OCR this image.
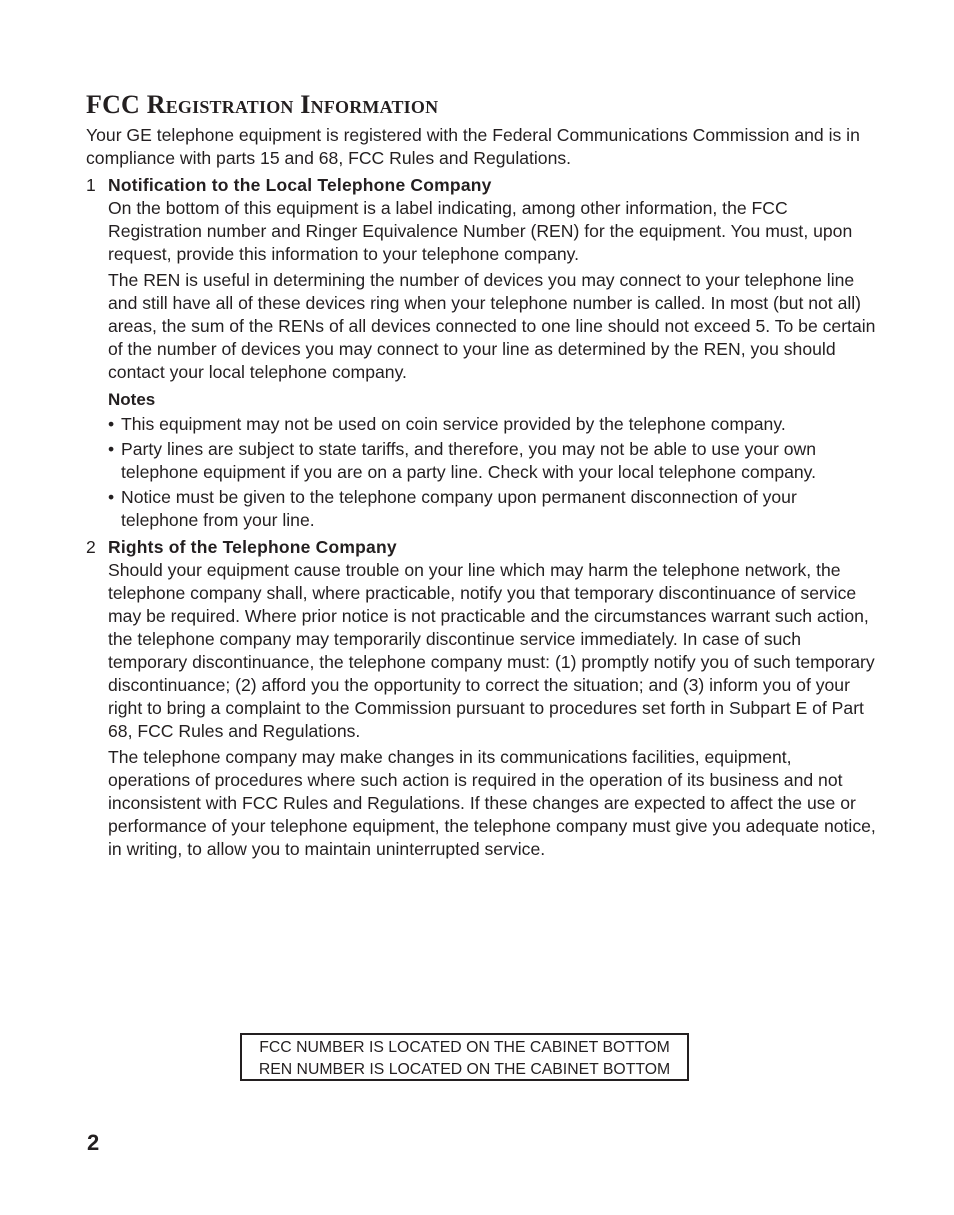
FCC Registration Information

Your GE telephone equipment is registered with the Federal Communications Commission and is in compliance with parts 15 and 68, FCC Rules and Regulations.

1 Notification to the Local Telephone Company

On the bottom of this equipment is a label indicating, among other information, the FCC Registration number and Ringer Equivalence Number (REN) for the equipment. You must, upon request, provide this information to your telephone company.

The REN is useful in determining the number of devices you may connect to your telephone line and still have all of these devices ring when your telephone number is called. In most (but not all) areas, the sum of the RENs of all devices connected to one line should not exceed 5. To be certain of the number of devices you may connect to your line as determined by the REN, you should contact your local telephone company.

Notes
• This equipment may not be used on coin service provided by the telephone company.
• Party lines are subject to state tariffs, and therefore, you may not be able to use your own telephone equipment if you are on a party line. Check with your local telephone company.
• Notice must be given to the telephone company upon permanent disconnection of your telephone from your line.
2 Rights of the Telephone Company

Should your equipment cause trouble on your line which may harm the telephone network, the telephone company shall, where practicable, notify you that temporary discontinuance of service may be required. Where prior notice is not practicable and the circumstances warrant such action, the telephone company may temporarily discontinue service immediately. In case of such temporary discontinuance, the telephone company must: (1) promptly notify you of such temporary discontinuance; (2) afford you the opportunity to correct the situation; and (3) inform you of your right to bring a complaint to the Commission pursuant to procedures set forth in Subpart E of Part 68, FCC Rules and Regulations.

The telephone company may make changes in its communications facilities, equipment, operations of procedures where such action is required in the operation of its business and not inconsistent with FCC Rules and Regulations. If these changes are expected to affect the use or performance of your telephone equipment, the telephone company must give you adequate notice, in writing, to allow you to maintain uninterrupted service.

FCC NUMBER IS LOCATED ON THE CABINET BOTTOM
REN NUMBER IS LOCATED ON THE CABINET BOTTOM
2
